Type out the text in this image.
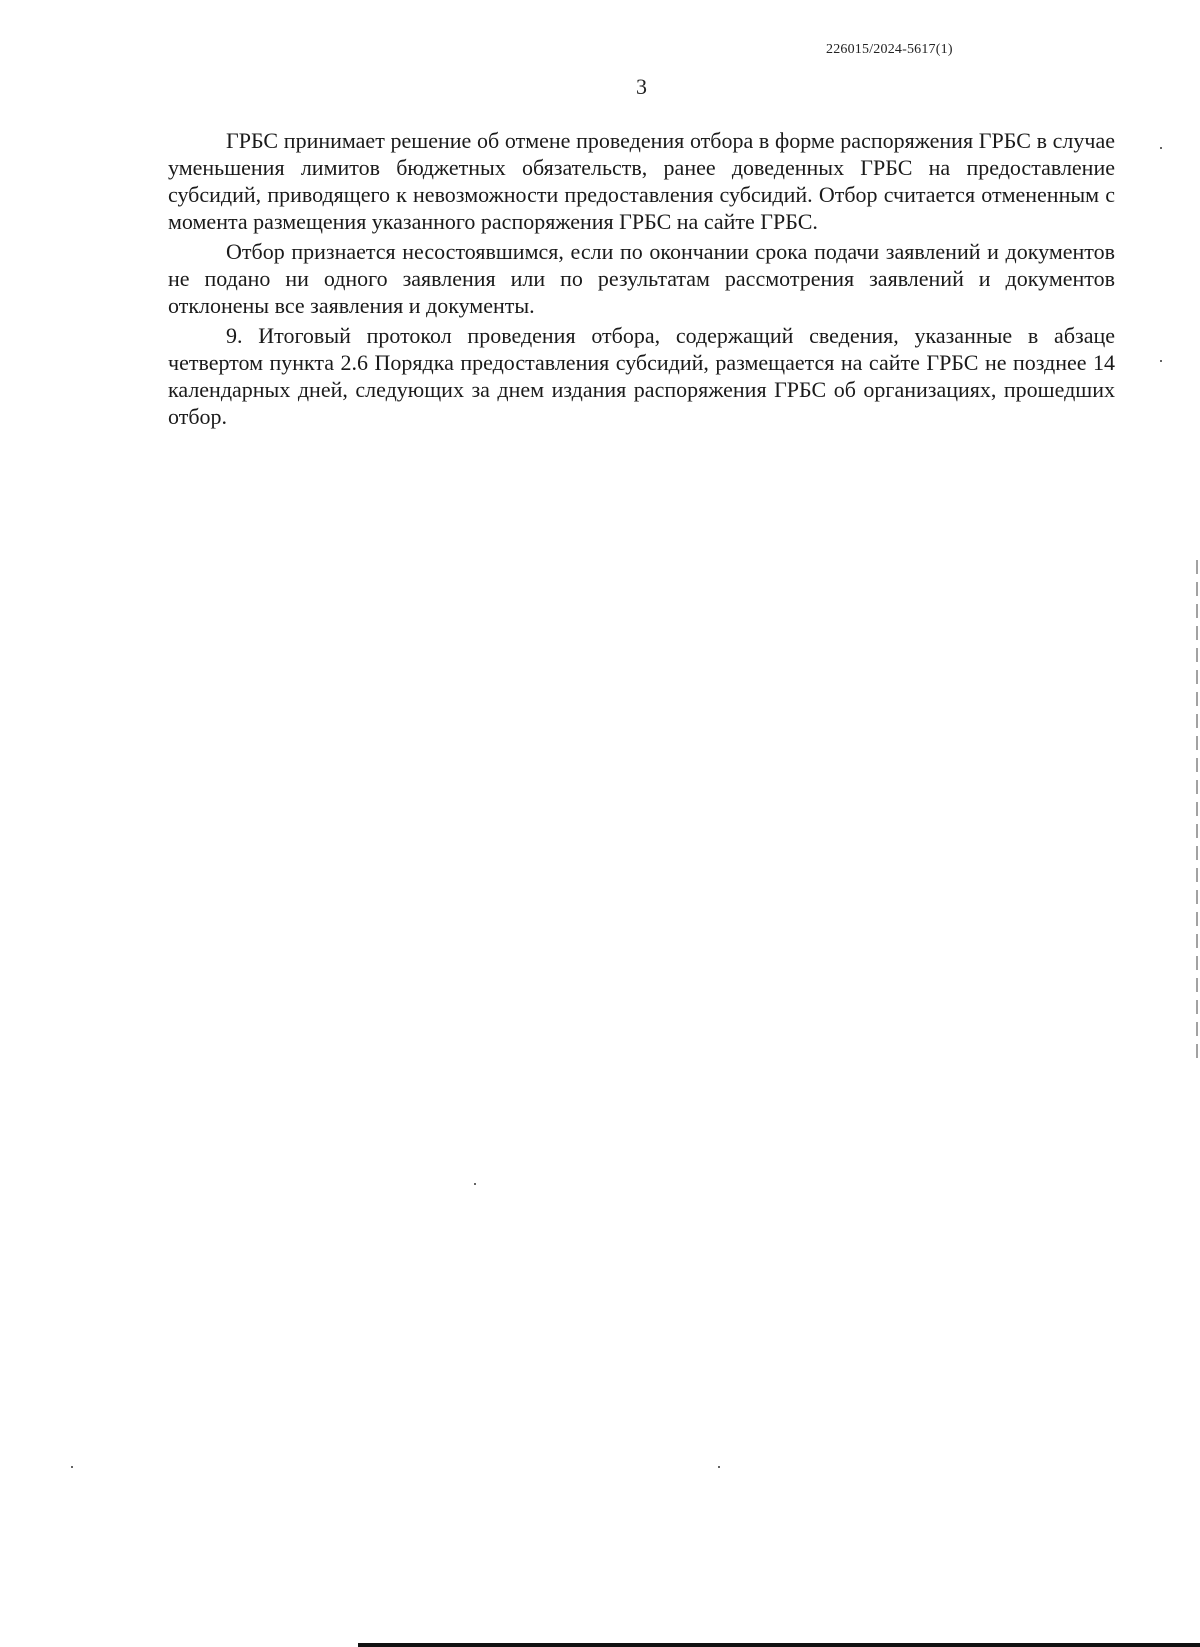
226015/2024-5617(1)
3

ГРБС принимает решение об отмене проведения отбора в форме распоряжения ГРБС в случае уменьшения лимитов бюджетных обязательств, ранее доведенных ГРБС на предоставление субсидий, приводящего к невозможности предоставления субсидий. Отбор считается отмененным с момента размещения указанного распоряжения ГРБС на сайте ГРБС.

Отбор признается несостоявшимся, если по окончании срока подачи заявлений и документов не подано ни одного заявления или по результатам рассмотрения заявлений и документов отклонены все заявления и документы.

9. Итоговый протокол проведения отбора, содержащий сведения, указанные в абзаце четвертом пункта 2.6 Порядка предоставления субсидий, размещается на сайте ГРБС не позднее 14 календарных дней, следующих за днем издания распоряжения ГРБС об организациях, прошедших отбор.
